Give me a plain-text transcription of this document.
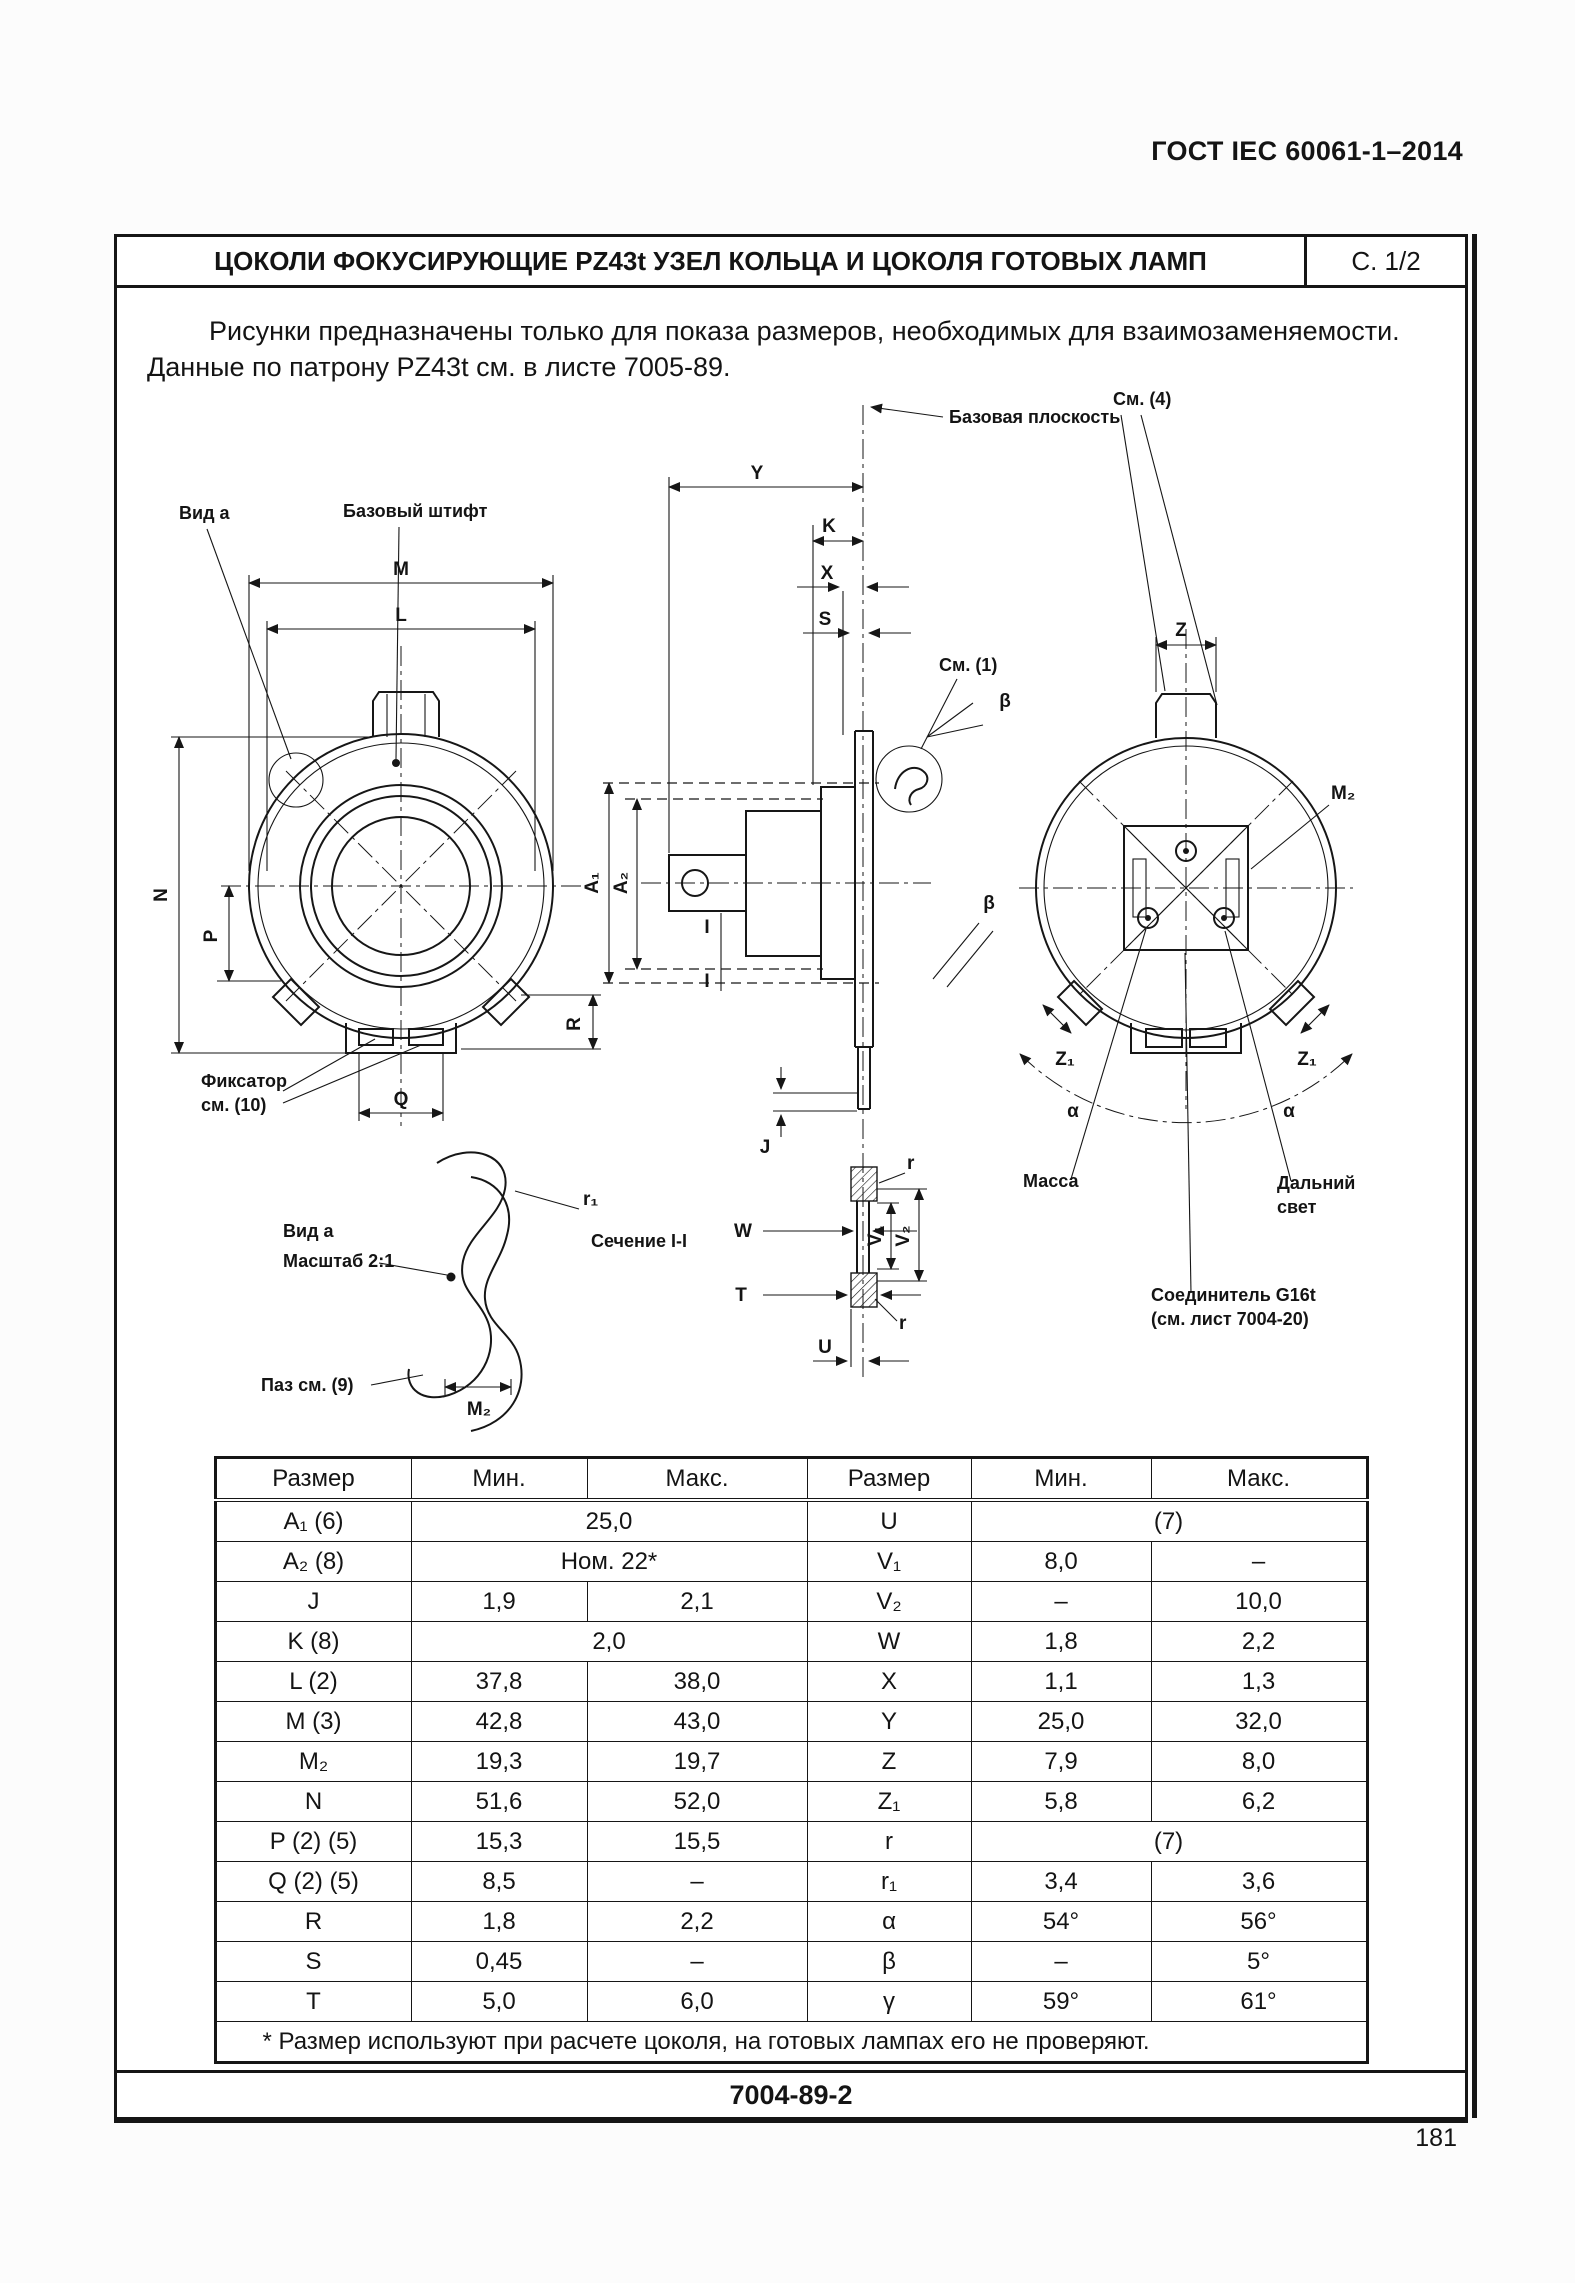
ГОСТ IEC 60061-1–2014
ЦОКОЛИ ФОКУСИРУЮЩИЕ PZ43t УЗЕЛ КОЛЬЦА И ЦОКОЛЯ ГОТОВЫХ ЛАМП	С. 1/2

Рисунки предназначены только для показа размеров, необходимых для взаимозаменяемости. Данные по патрону PZ43t см. в листе 7005-89.

M
L
N
P
Q
R
Вид а	Базовый штифт
Фиксатор
см. (10)
Базовая плоскость
Y
K
X
S
A₁ A₂
I
I
J
W
T
U
См. (1)
β
β
Сечение I-I	V₁ V₂
r
r
См. (4)
Z
M₂
Z₁	Z₁
α	α
Масса	Дальний
свет
Соединитель G16t
(см. лист 7004-20)
Вид а
Масштаб 2:1
r₁
M₂
Паз см. (9)
Размер	Мин.	Макс.	Размер	Мин.	Макс.
A₁ (6)	25,0		U	(7)	
A₂ (8)	Ном. 22*		V₁	8,0	–
J	1,9	2,1	V₂	–	10,0
K (8)	2,0		W	1,8	2,2
L (2)	37,8	38,0	X	1,1	1,3
M (3)	42,8	43,0	Y	25,0	32,0
M₂	19,3	19,7	Z	7,9	8,0
N	51,6	52,0	Z₁	5,8	6,2
P (2) (5)	15,3	15,5	r	(7)	
Q (2) (5)	8,5	–	r₁	3,4	3,6
R	1,8	2,2	α	54°	56°
S	0,45	–	β	–	5°
T	5,0	6,0	γ	59°	61°
* Размер используют при расчете цоколя, на готовых лампах его не проверяют.					
7004-89-2
181
